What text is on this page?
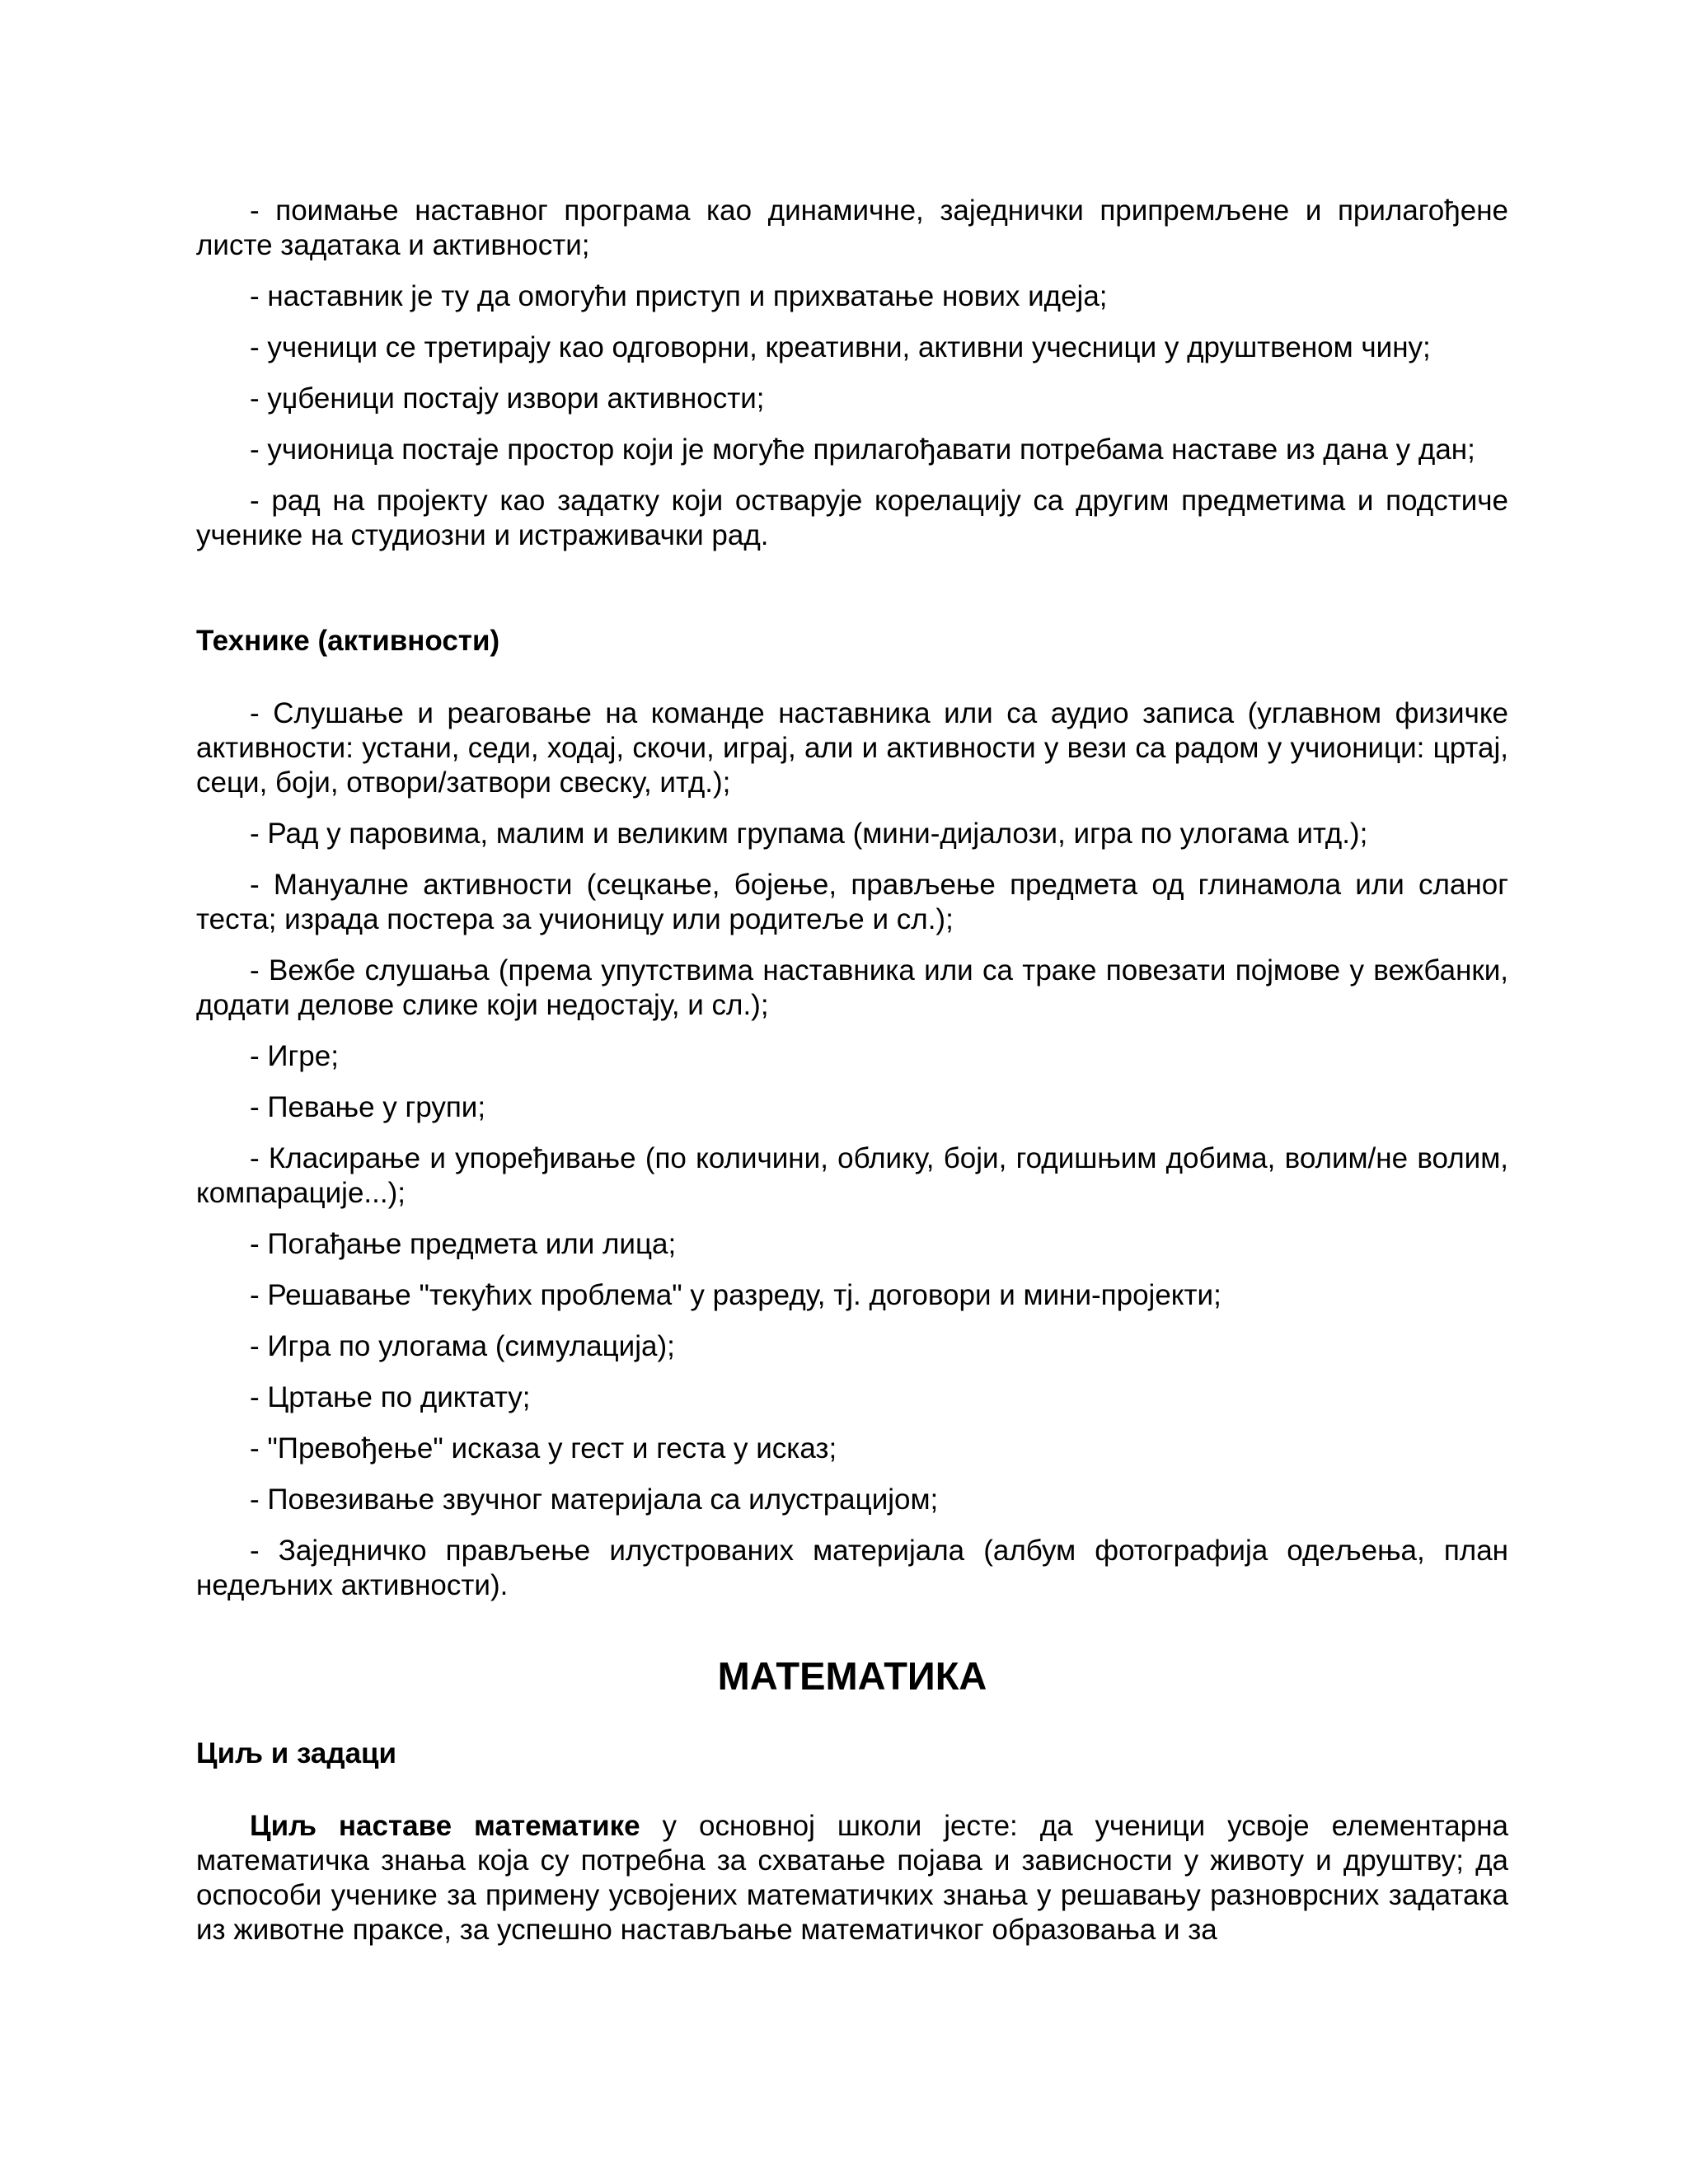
- поимање наставног програма као динамичне, заједнички припремљене и прилагођене листе задатака и активности;

- наставник је ту да омогући приступ и прихватање нових идеја;

- ученици се третирају као одговорни, креативни, активни учесници у друштвеном чину;

- уџбеници постају извори активности;

- учионица постаје простор који је могуће прилагођавати потребама наставе из дана у дан;

- рад на пројекту као задатку који остварује корелацију са другим предметима и подстиче ученике на студиозни и истраживачки рад.

Технике (активности)

- Слушање и реаговање на команде наставника или са аудио записа (углавном физичке активности: устани, седи, ходај, скочи, играј, али и активности у вези са радом у учионици: цртај, сеци, боји, отвори/затвори свеску, итд.);

- Рад у паровима, малим и великим групама (мини-дијалози, игра по улогама итд.);

- Мануалне активности (сецкање, бојење, прављење предмета од глинамола или сланог теста; израда постера за учионицу или родитеље и сл.);

- Вежбе слушања (према упутствима наставника или са траке повезати појмове у вежбанки, додати делове слике који недостају, и сл.);

- Игре;

- Певање у групи;

- Класирање и упоређивање (по количини, облику, боји, годишњим добима, волим/не волим, компарације...);

- Погађање предмета или лица;

- Решавање "текућих проблема" у разреду, тј. договори и мини-пројекти;

- Игра по улогама (симулација);

- Цртање по диктату;

- "Превођење" исказа у гест и геста у исказ;

- Повезивање звучног материјала са илустрацијом;

- Заједничко прављење илустрованих материјала (албум фотографија одељења, план недељних активности).

МАТЕМАТИКА

Циљ и задаци

Циљ наставе математике у основној школи јесте: да ученици усвоје елементарна математичка знања која су потребна за схватање појава и зависности у животу и друштву; да оспособи ученике за примену усвојених математичких знања у решавању разноврсних задатака из животне праксе, за успешно настављање математичког образовања и за
